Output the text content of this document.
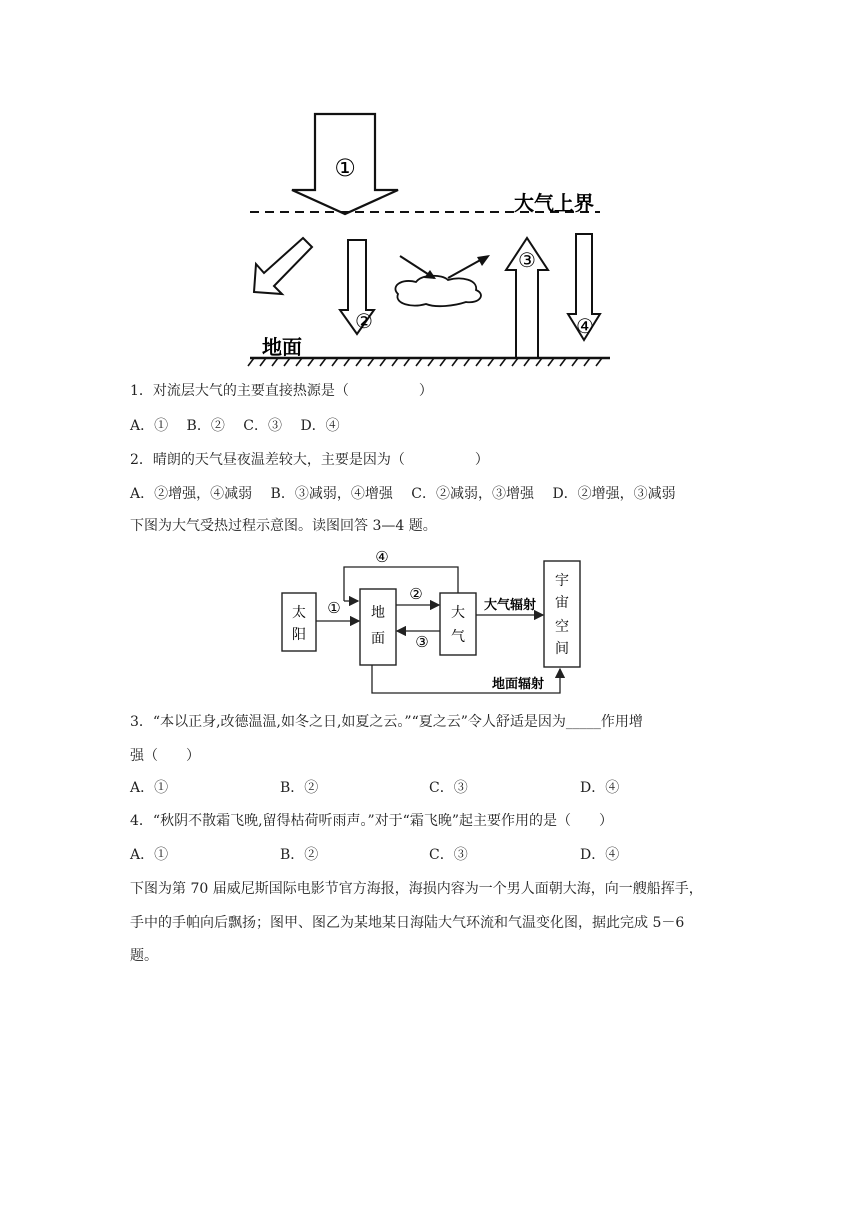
①
大气上界
②
③
④
地面
1．对流层大气的主要直接热源是（　　　　　）
A．①　 B．②　 C．③　 D．④
2．晴朗的天气昼夜温差较大，主要是因为（　　　　　）
A．②增强，④减弱　 B．③减弱，④增强　 C．②减弱，③增强　 D．②增强，③减弱
下图为大气受热过程示意图。读图回答 3—4 题。
太
阳
地
面
大
气
宇
宙
空
间
①
②
③
④
大气辐射
地面辐射
3．“本以正身,改德温温,如冬之日,如夏之云。”“夏之云”令人舒适是因为_____作用增
强（　　）
A．①	B．②	C．③	D．④
4．“秋阴不散霜飞晚,留得枯荷听雨声。”对于“霜飞晚”起主要作用的是（　　）
A．①	B．②	C．③	D．④
下图为第 70 届威尼斯国际电影节官方海报，海损内容为一个男人面朝大海，向一艘船挥手，
手中的手帕向后飘扬；图甲、图乙为某地某日海陆大气环流和气温变化图，据此完成 5－6
题。
